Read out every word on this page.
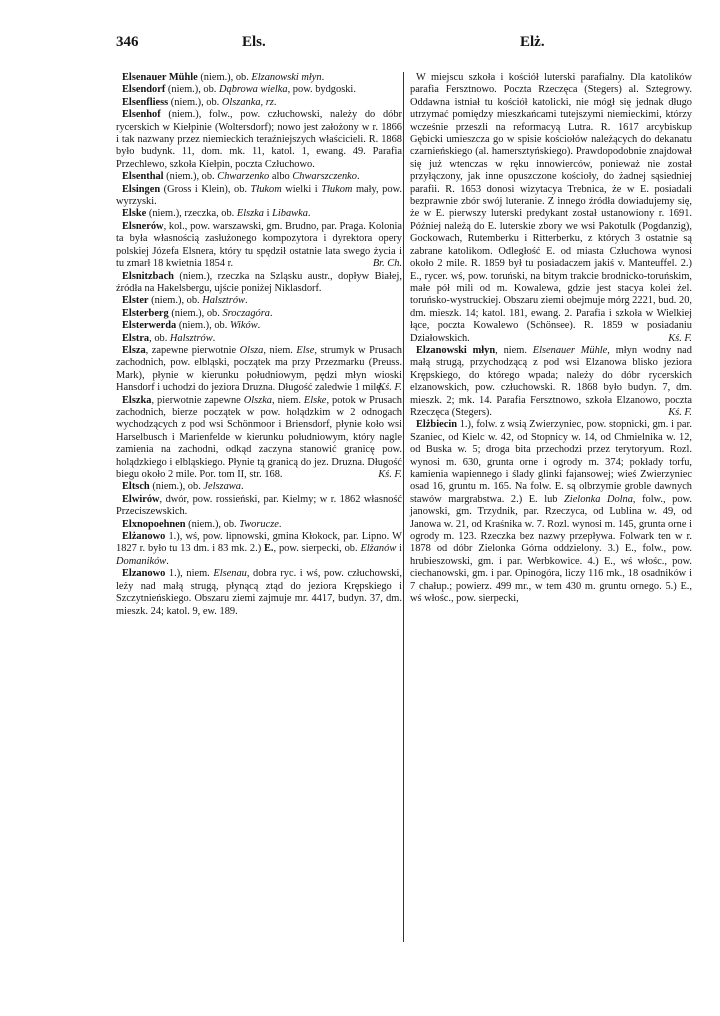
346	Els.	Elż.

Elsenauer Mühle (niem.), ob. Elzanowski młyn.

Elsendorf (niem.), ob. Dąbrowa wielka, pow. bydgoski.

Elsenfliess (niem.), ob. Olszanka, rz.

Elsenhof (niem.), folw., pow. człuchowski, należy do dóbr rycerskich w Kiełpinie (Woltersdorf); nowo jest założony w r. 1866 i tak nazwany przez niemieckich teraźniejszych właścicieli. R. 1868 było budynk. 11, dom. mk. 11, katol. 1, ewang. 49. Parafia Przechlewo, szkoła Kiełpin, poczta Człuchowo.

Elsenthal (niem.), ob. Chwarzenko albo Chwarszczenko.

Elsingen (Gross i Klein), ob. Tłukom wielki i Tłukom mały, pow. wyrzyski.

Elske (niem.), rzeczka, ob. Elszka i Libawka.

Elsnerów, kol., pow. warszawski, gm. Brudno, par. Praga. Kolonia ta była własnością zasłużonego kompozytora i dyrektora opery polskiej Józefa Elsnera, który tu spędził ostatnie lata swego życia i tu zmarł 18 kwietnia 1854 r.	Br. Ch.

Elsnitzbach (niem.), rzeczka na Szląsku austr., dopływ Białej, źródła na Hakelsbergu, ujście poniżej Niklasdorf.

Elster (niem.), ob. Halsztrów.

Elsterberg (niem.), ob. Sroczagóra.

Elsterwerda (niem.), ob. Wików.

Elstra, ob. Halsztrów.

Elsza, zapewne pierwotnie Olsza, niem. Else, strumyk w Prusach zachodnich, pow. elbląski, początek ma przy Przezmarku (Preuss. Mark), płynie w kierunku południowym, pędzi młyn wioski Hansdorf i uchodzi do jeziora Druzna. Długość zaledwie 1 milę.

Kś. F.

Elszka, pierwotnie zapewne Olszka, niem. Elske, potok w Prusach zachodnich, bierze początek w pow. holądzkim w 2 odnogach wychodzących z pod wsi Schönmoor i Briensdorf, płynie koło wsi Harselbusch i Marienfelde w kierunku południowym, który nagle zamienia na zachodni, odkąd zaczyna stanowić granicę pow. holądzkiego i elbląskiego. Płynie tą granicą do jez. Druzna. Długość biegu około 2 mile. Por. tom II, str. 168.	Kś. F.

Eltsch (niem.), ob. Jelszawa.

Elwirów, dwór, pow. rossieński, par. Kielmy; w r. 1862 własność Przeciszewskich.

Elxnopoehnen (niem.), ob. Tworucze.

Elżanowo 1.), wś, pow. lipnowski, gmina Kłokock, par. Lipno. W 1827 r. było tu 13 dm. i 83 mk. 2.) E., pow. sierpecki, ob. Elżanów i Domaników.

Elzanowo 1.), niem. Elsenau, dobra ryc. i wś, pow. człuchowski, leży nad małą strugą, płynącą ztąd do jeziora Krępskiego i Szczytnieńskiego. Obszaru ziemi zajmuje mr. 4417, budyn. 37, dm. mieszk. 24; katol. 9, ew. 189.

W miejscu szkoła i kościół luterski parafialny. Dla katolików parafia Fersztnowo. Poczta Rzeczęca (Stegers) al. Sztegrowy. Oddawna istniał tu kościół katolicki, nie mógł się jednak długo utrzymać pomiędzy mieszkańcami tutejszymi niemieckimi, którzy wcześnie przeszli na reformacyą Lutra. R. 1617 arcybiskup Gębicki umieszcza go w spisie kościołów należących do dekanatu czarnieńskiego (al. hamersztyńskiego). Prawdopodobnie znajdował się już wtenczas w ręku innowierców, ponieważ nie został przyłączony, jak inne opuszczone kościoły, do żadnej sąsiedniej parafii. R. 1653 donosi wizytacya Trebnica, że w E. posiadali bezprawnie zbór swój luteranie. Z innego źródła dowiadujemy się, że w E. pierwszy luterski predykant został ustanowiony r. 1691. Później należą do E. luterskie zbory we wsi Pakotulk (Pogdanzig), Gockowach, Rutemberku i Ritterberku, z których 3 ostatnie są zabrane katolikom. Odległość E. od miasta Człuchowa wynosi około 2 mile. R. 1859 był tu posiadaczem jakiś v. Manteuffel. 2.) E., rycer. wś, pow. toruński, na bitym trakcie brodnicko-toruńskim, małe pół mili od m. Kowalewa, gdzie jest stacya kolei żel. toruńsko-wystruckiej. Obszaru ziemi obejmuje mórg 2221, bud. 20, dm. mieszk. 14; katol. 181, ewang. 2. Parafia i szkoła w Wielkiej łące, poczta Kowalewo (Schönsee). R. 1859 w posiadaniu Działowskich.	Kś. F.

Elzanowski młyn, niem. Elsenauer Mühle, młyn wodny nad małą strugą, przychodzącą z pod wsi Elzanowa blisko jeziora Krępskiego, do którego wpada; należy do dóbr rycerskich elzanowskich, pow. człuchowski. R. 1868 było budyn. 7, dm. mieszk. 2; mk. 14. Parafia Fersztnowo, szkoła Elzanowo, poczta Rzeczęca (Stegers).	Kś. F.

Elżbiecin 1.), folw. z wsią Zwierzyniec, pow. stopnicki, gm. i par. Szaniec, od Kielc w. 42, od Stopnicy w. 14, od Chmielnika w. 12, od Buska w. 5; droga bita przechodzi przez terytoryum. Rozl. wynosi m. 630, grunta orne i ogrody m. 374; pokłady torfu, kamienia wapiennego i ślady glinki fajansowej; wieś Zwierzyniec osad 16, gruntu m. 165. Na folw. E. są olbrzymie groble dawnych stawów margrabstwa. 2.) E. lub Zielonka Dolna, folw., pow. janowski, gm. Trzydnik, par. Rzeczyca, od Lublina w. 49, od Janowa w. 21, od Kraśnika w. 7. Rozl. wynosi m. 145, grunta orne i ogrody m. 123. Rzeczka bez nazwy przepływa. Folwark ten w r. 1878 od dóbr Zielonka Górna oddzielony. 3.) E., folw., pow. hrubieszowski, gm. i par. Werbkowice. 4.) E., wś włośc., pow. ciechanowski, gm. i par. Opinogóra, liczy 116 mk., 18 osadników i 7 chałup.; powierz. 499 mr., w tem 430 m. gruntu ornego. 5.) E., wś włośc., pow. sierpecki,
